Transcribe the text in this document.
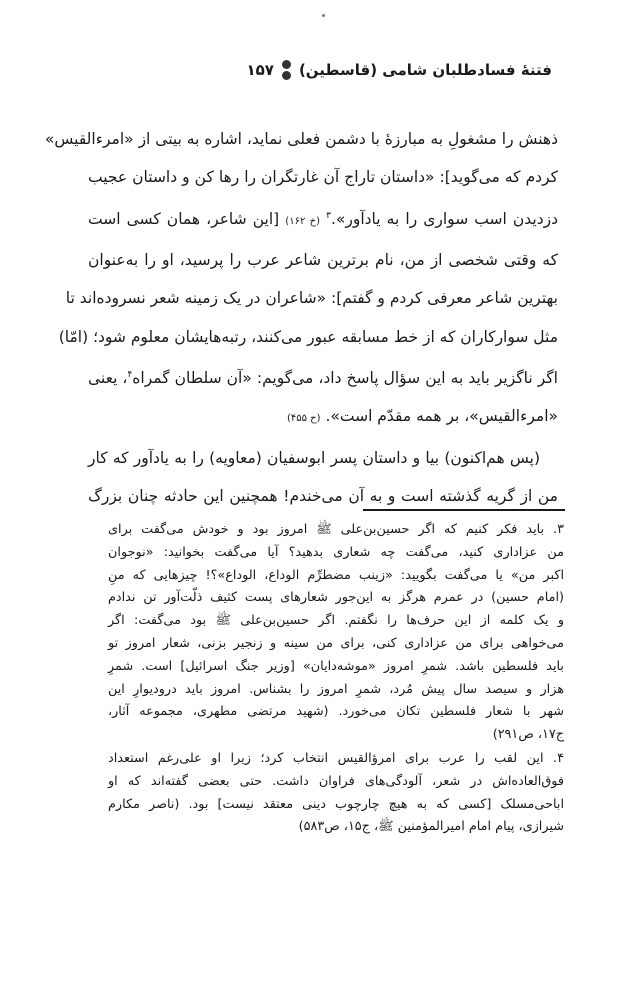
فتنهٔ فسادطلبان شامی (قاسطین)
۱۵۷
ذهنش را مشغولِ به مبارزهٔ با دشمن فعلی نماید، اشاره به بیتی از «امرءالقیس»
کردم که می‌گوید]: «داستان تاراج آن غارتگران را رها کن و داستان عجیب
دزدیدن اسب سواری را به یادآور».$^۳$ (خ ۱۶۲) [این شاعر، همان کسی است
که وقتی شخصی از من، نام برترین شاعر عرب را پرسید، او را به‌عنوان
بهترین شاعر معرفی کردم و گفتم]: «شاعران در یک زمینه شعر نسروده‌اند تا
مثل سوارکاران که از خط مسابقه عبور می‌کنند، رتبه‌هایشان معلوم شود؛ (امّا)
اگر ناگزیر باید به این سؤال پاسخ داد، می‌گویم: «آن سلطان گمراه$^۴$، یعنی
«امرءالقیس»، بر همه مقدّم است». (ح ۴۵۵)
(پس هم‌اکنون) بیا و داستان پسر ابوسفیان (معاویه) را به یادآور که کار
من از گریه گذشته است و به آن می‌خندم! همچنین این حادثه چنان بزرگ
۳. باید فکر کنیم که اگر حسین‌بن‌علی ﷺ امروز بود و خودش می‌گفت برای
من عزاداری کنید، می‌گفت چه شعاری بدهید؟ آیا می‌گفت بخوانید: «نوجوان
اکبر من» یا می‌گفت بگویید: «زینب مضطرِّم الوداع، الوداع»؟! چیزهایی که منِ
(امام حسین) در عمرم هرگز به این‌جور شعارهای پست کثیف ذلّت‌آور تن ندادم
و یک کلمه از این حرف‌ها را نگفتم. اگر حسین‌بن‌علی ﷺ بود می‌گفت: اگر
می‌خواهی برای من عزاداری کنی، برای من سینه و زنجیر بزنی، شعار امروز تو
باید فلسطین باشد. شمرِ امروز «موشه‌دایان» [وزیر جنگ اسرائیل] است. شمرِ
هزار و سیصد سال پیش مُرد، شمرِ امروز را بشناس. امروز باید درودیوارِ این
شهر با شعار فلسطین تکان می‌خورد. (شهید مرتضی مطهری، مجموعه آثار،
ج۱۷، ص۲۹۱)
۴. این لقب را عرب برای امرؤالقیس انتخاب کرد؛ زیرا او علی‌رغم استعداد
فوق‌العاده‌اش در شعر، آلودگی‌های فراوان داشت. حتی بعضی گفته‌اند که او
اباحی‌مسلک [کسی که به هیچ چارچوب دینی معتقد نیست] بود. (ناصر مکارم
شیرازی، پیام امام امیرالمؤمنین ﷺ، ج۱۵، ص۵۸۳)
